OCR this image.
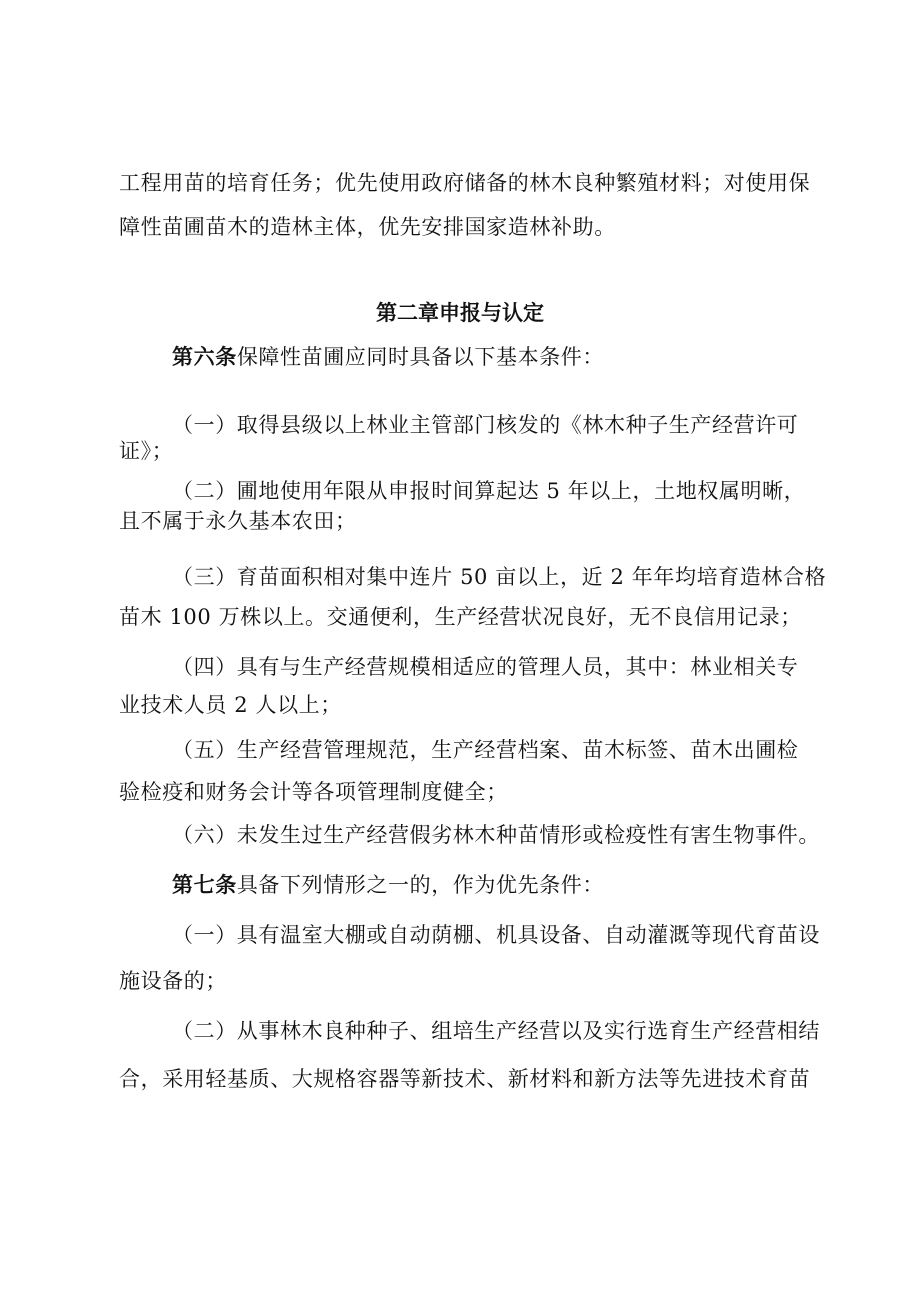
工程用苗的培育任务；优先使用政府储备的林木良种繁殖材料；对使用保
障性苗圃苗木的造林主体，优先安排国家造林补助。
第二章申报与认定
第六条保障性苗圃应同时具备以下基本条件：
（一）取得县级以上林业主管部门核发的《林木种子生产经营许可
证》；
（二）圃地使用年限从申报时间算起达 5 年以上，土地权属明晰，
且不属于永久基本农田；
（三）育苗面积相对集中连片 50 亩以上，近 2 年年均培育造林合格
苗木 100 万株以上。交通便利，生产经营状况良好，无不良信用记录；
（四）具有与生产经营规模相适应的管理人员，其中：林业相关专
业技术人员 2 人以上；
（五）生产经营管理规范，生产经营档案、苗木标签、苗木出圃检
验检疫和财务会计等各项管理制度健全；
（六）未发生过生产经营假劣林木种苗情形或检疫性有害生物事件。
第七条具备下列情形之一的，作为优先条件：
（一）具有温室大棚或自动荫棚、机具设备、自动灌溉等现代育苗设
施设备的；
（二）从事林木良种种子、组培生产经营以及实行选育生产经营相结
合，采用轻基质、大规格容器等新技术、新材料和新方法等先进技术育苗
